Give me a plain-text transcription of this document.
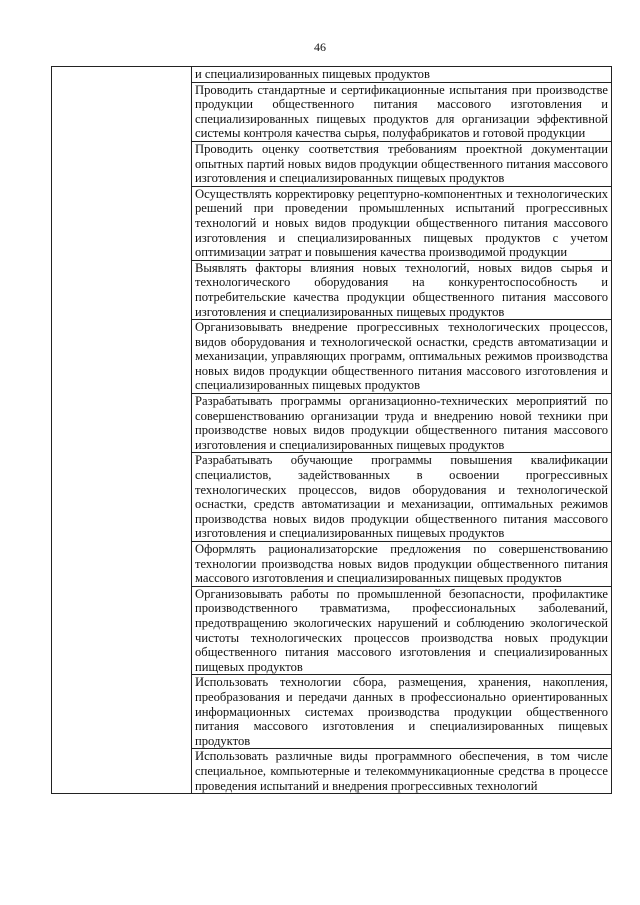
46

и специализированных пищевых продуктов

Проводить стандартные и сертификационные испытания при производстве продукции общественного питания массового изготовления и специализированных пищевых продуктов для организации эффективной системы контроля качества сырья, полуфабрикатов и готовой продукции

Проводить оценку соответствия требованиям проектной документации опытных партий новых видов продукции общественного питания массового изготовления и специализированных пищевых продуктов

Осуществлять корректировку рецептурно-компонентных и технологических решений при проведении промышленных испытаний прогрессивных технологий и новых видов продукции общественного питания массового изготовления и специализированных пищевых продуктов с учетом оптимизации затрат и повышения качества производимой продукции

Выявлять факторы влияния новых технологий, новых видов сырья и технологического оборудования на конкурентоспособность и потребительские качества продукции общественного питания массового изготовления и специализированных пищевых продуктов

Организовывать внедрение прогрессивных технологических процессов, видов оборудования и технологической оснастки, средств автоматизации и механизации, управляющих программ, оптимальных режимов производства новых видов продукции общественного питания массового изготовления и специализированных пищевых продуктов

Разрабатывать программы организационно-технических мероприятий по совершенствованию организации труда и внедрению новой техники при производстве новых видов продукции общественного питания массового изготовления и специализированных пищевых продуктов

Разрабатывать обучающие программы повышения квалификации специалистов, задействованных в освоении прогрессивных технологических процессов, видов оборудования и технологической оснастки, средств автоматизации и механизации, оптимальных режимов производства новых видов продукции общественного питания массового изготовления и специализированных пищевых продуктов

Оформлять рационализаторские предложения по совершенствованию технологии производства новых видов продукции общественного питания массового изготовления и специализированных пищевых продуктов

Организовывать работы по промышленной безопасности, профилактике производственного травматизма, профессиональных заболеваний, предотвращению экологических нарушений и соблюдению экологической чистоты технологических процессов производства новых продукции общественного питания массового изготовления и специализированных пищевых продуктов

Использовать технологии сбора, размещения, хранения, накопления, преобразования и передачи данных в профессионально ориентированных информационных системах производства продукции общественного питания массового изготовления и специализированных пищевых продуктов

Использовать различные виды программного обеспечения, в том числе специальное, компьютерные и телекоммуникационные средства в процессе проведения испытаний и внедрения прогрессивных технологий
